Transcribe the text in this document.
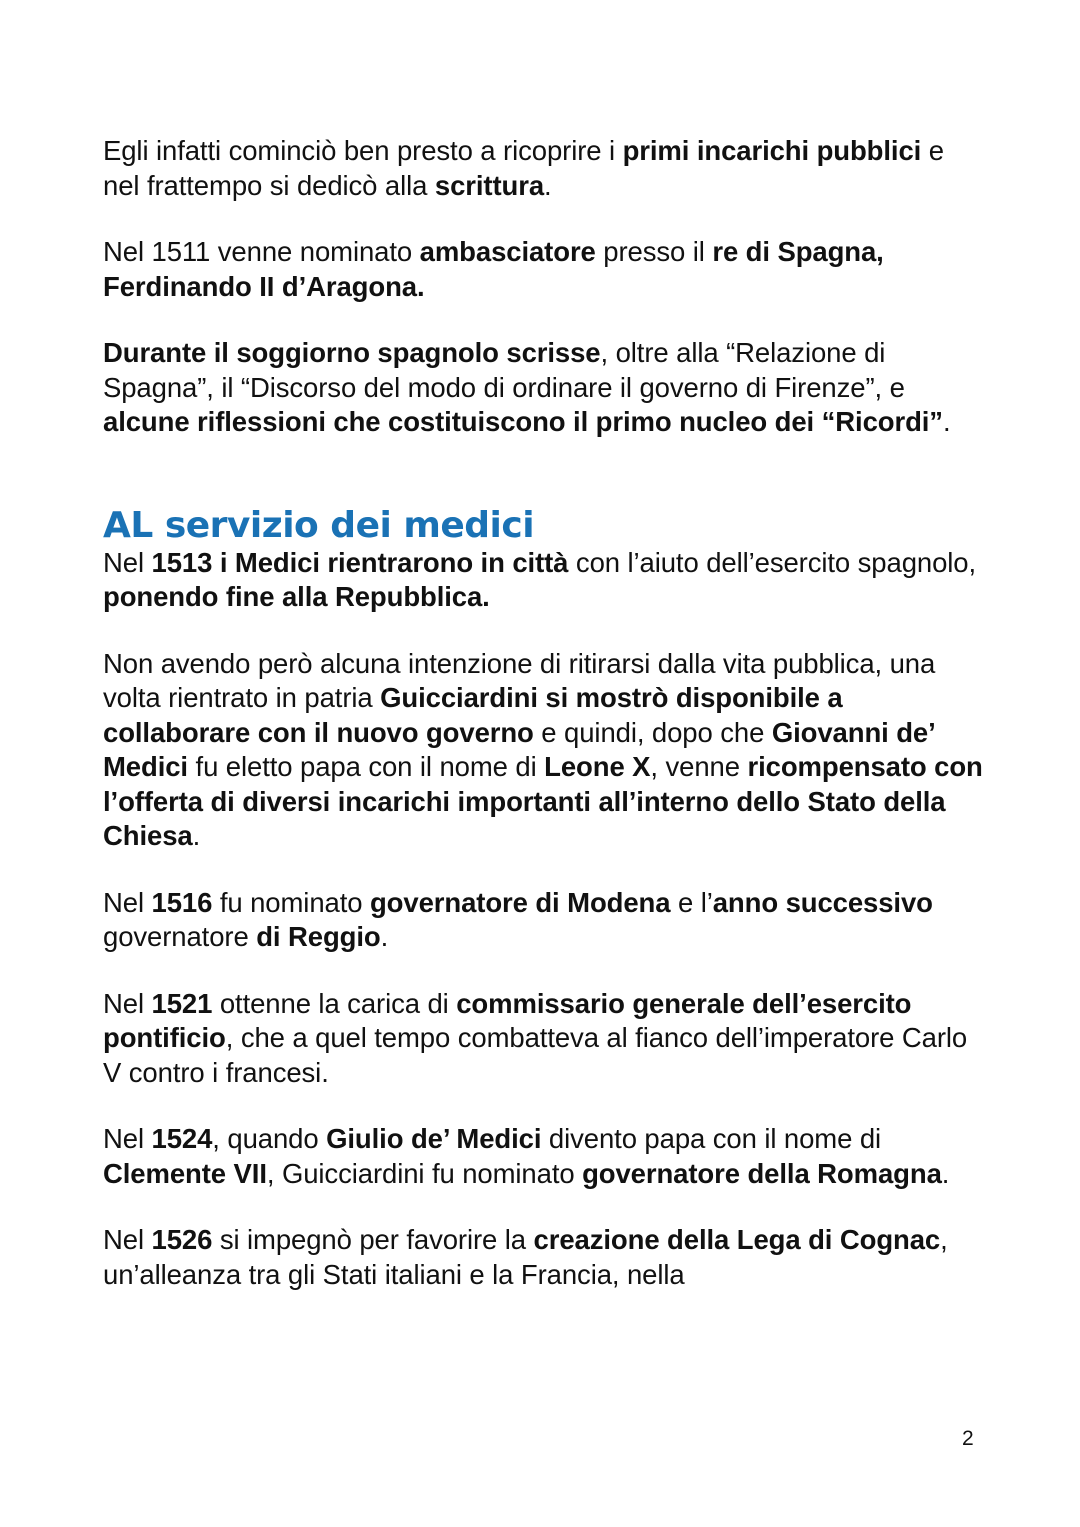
Egli infatti cominciò ben presto a ricoprire i primi incarichi pubblici e nel frattempo si dedicò alla scrittura.

Nel 1511 venne nominato ambasciatore presso il re di Spagna, Ferdinando II d’Aragona.

Durante il soggiorno spagnolo scrisse, oltre alla “Relazione di Spagna”, il “Discorso del modo di ordinare il governo di Firenze”, e alcune riflessioni che costituiscono il primo nucleo dei “Ricordi”.

AL servizio dei medici

Nel 1513 i Medici rientrarono in città con l’aiuto dell’esercito spagnolo, ponendo fine alla Repubblica.

Non avendo però alcuna intenzione di ritirarsi dalla vita pubblica, una volta rientrato in patria Guicciardini si mostrò disponibile a collaborare con il nuovo governo e quindi, dopo che Giovanni de’ Medici fu eletto papa con il nome di Leone X, venne ricompensato con l’offerta di diversi incarichi importanti all’interno dello Stato della Chiesa.

Nel 1516 fu nominato governatore di Modena e l’anno successivo governatore di Reggio.

Nel 1521 ottenne la carica di commissario generale dell’esercito pontificio, che a quel tempo combatteva al fianco dell’imperatore Carlo V contro i francesi.

Nel 1524, quando Giulio de’ Medici divento papa con il nome di Clemente VII, Guicciardini fu nominato governatore della Romagna.

Nel 1526 si impegnò per favorire la creazione della Lega di Cognac, un’alleanza tra gli Stati italiani e la Francia, nella

2
